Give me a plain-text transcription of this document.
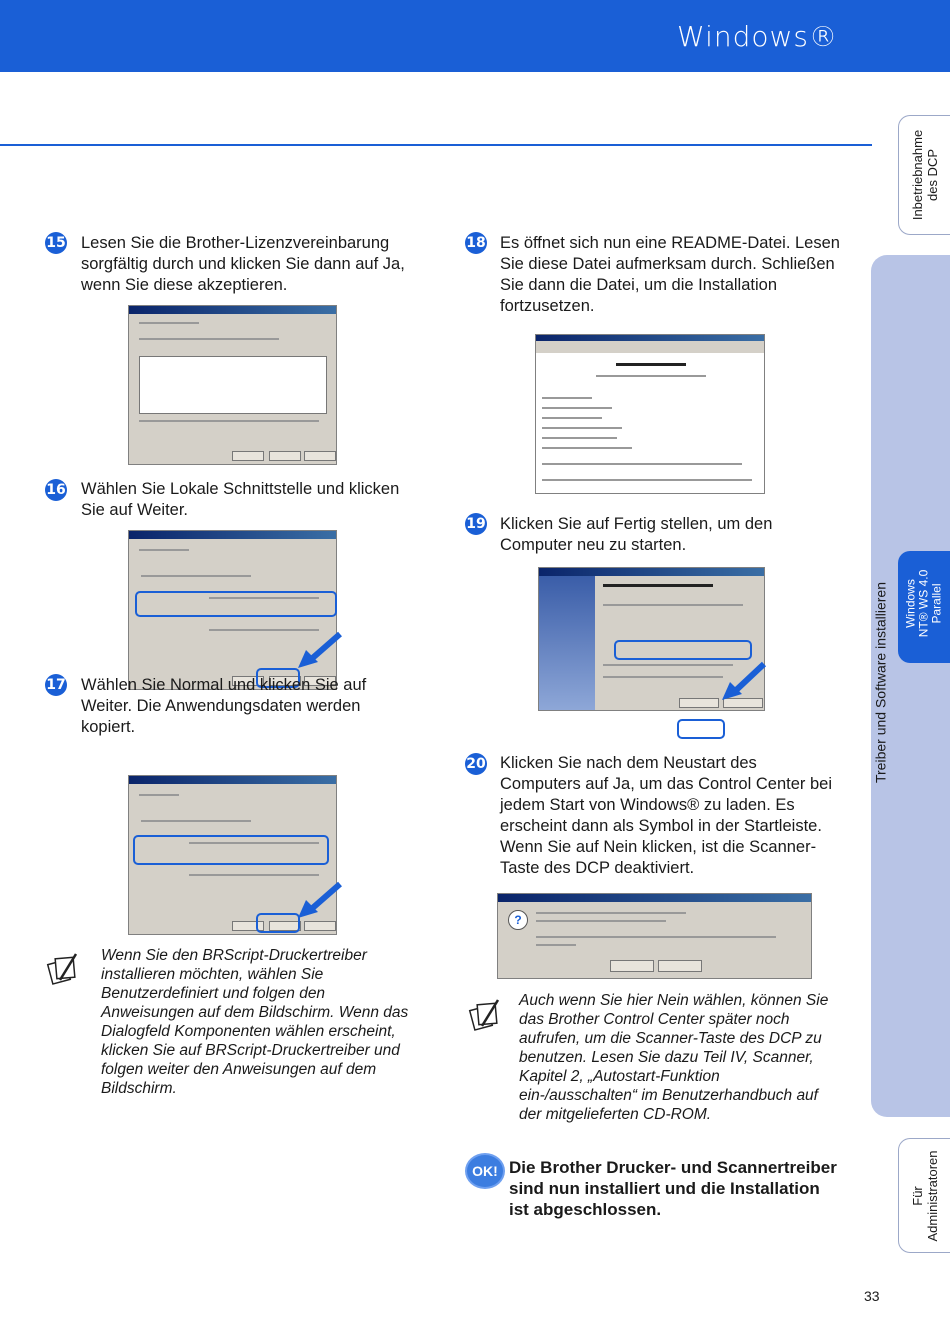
Windows®
Inbetriebnahme des DCP
Treiber und Software installieren Windows NT® WS 4.0 Parallel
Für Administratoren
15 Lesen Sie die Brother-Lizenzvereinbarung sorgfältig durch und klicken Sie dann auf Ja, wenn Sie diese akzeptieren.
16 Wählen Sie Lokale Schnittstelle und klicken Sie auf Weiter.
17 Wählen Sie Normal und klicken Sie auf Weiter. Die Anwendungsdaten werden kopiert.
Wenn Sie den BRScript-Druckertreiber installieren möchten, wählen Sie Benutzerdefiniert und folgen den Anweisungen auf dem Bildschirm. Wenn das Dialogfeld Komponenten wählen erscheint, klicken Sie auf BRScript-Druckertreiber und folgen weiter den Anweisungen auf dem Bildschirm.
18 Es öffnet sich nun eine README-Datei. Lesen Sie diese Datei aufmerksam durch. Schließen Sie dann die Datei, um die Installation fortzusetzen.
19 Klicken Sie auf Fertig stellen, um den Computer neu zu starten.
20 Klicken Sie nach dem Neustart des Computers auf Ja, um das Control Center bei jedem Start von Windows® zu laden. Es erscheint dann als Symbol in der Startleiste. Wenn Sie auf Nein klicken, ist die Scanner-Taste des DCP deaktiviert.
?
Auch wenn Sie hier Nein wählen, können Sie das Brother Control Center später noch aufrufen, um die Scanner-Taste des DCP zu benutzen. Lesen Sie dazu Teil IV, Scanner, Kapitel 2, „Autostart-Funktion ein-/ausschalten“ im Benutzerhandbuch auf der mitgelieferten CD-ROM.
OK! Die Brother Drucker- und Scannertreiber sind nun installiert und die Installation ist abgeschlossen.
33
